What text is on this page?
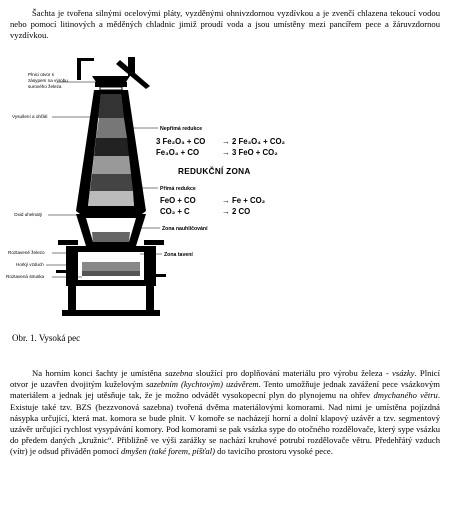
Šachta je tvořena silnými ocelovými pláty, vyzděnými ohnivzdornou vyzdívkou a je zvenčí chlazena tekoucí vodou nebo pomocí litinových a měděných chladnic jimiž proudí voda a jsou umístěny mezi pancířem pece a žáruvzdornou vyzdívkou.

Plnici otvor s
zásypem na výrobu
surového železa
Vysušení a ohřátí
Oxid uhelnatý
Roztavené železo
Horký vzduch
Roztavená struska
Nepřímá redukce
3 Fe₂O₃ + CO → 2 Fe₃O₄ + CO₂
Fe₃O₄ + CO	→ 3 FeO + CO₂
REDUKČNÍ ZONA
Přímá redukce
FeO + CO	→ Fe + CO₂
CO₂ + C	→ 2 CO
Zona nauhličování
Zona tavení
Obr. 1. Vysoká pec

Na horním konci šachty je umístěna sazebna sloužící pro doplňování materiálu pro výrobu železa - vsázky. Plnicí otvor je uzavřen dvojitým kuželovým sazebním (kychtovým) uzávěrem. Tento umožňuje jednak zavážení pece vsázkovým materiálem a jednak jej utěsňuje tak, že je možno odvádět vysokopecní plyn do plynojemu na ohřev dmychaného větru. Existuje také tzv. BZS (bezzvonová sazebna) tvořená dvěma materiálovými komorami. Nad nimi je umístěna pojízdná násypka určující, která mat. komora se bude plnit. V komoře se nacházejí horní a dolní klapový uzávěr a tzv. segmentový uzávěr určující rychlost vysypávání komory. Pod komorami se pak vsázka sype do otočného rozdělovače, který sype vsázku do předem daných „kružnic“. Přibližně ve výši zarážky se nachází kruhové potrubí rozdělovače větru. Předehřátý vzduch (vítr) je odsud přiváděn pomocí dmyšen (také forem, píšťal) do tavicího prostoru vysoké pece.
